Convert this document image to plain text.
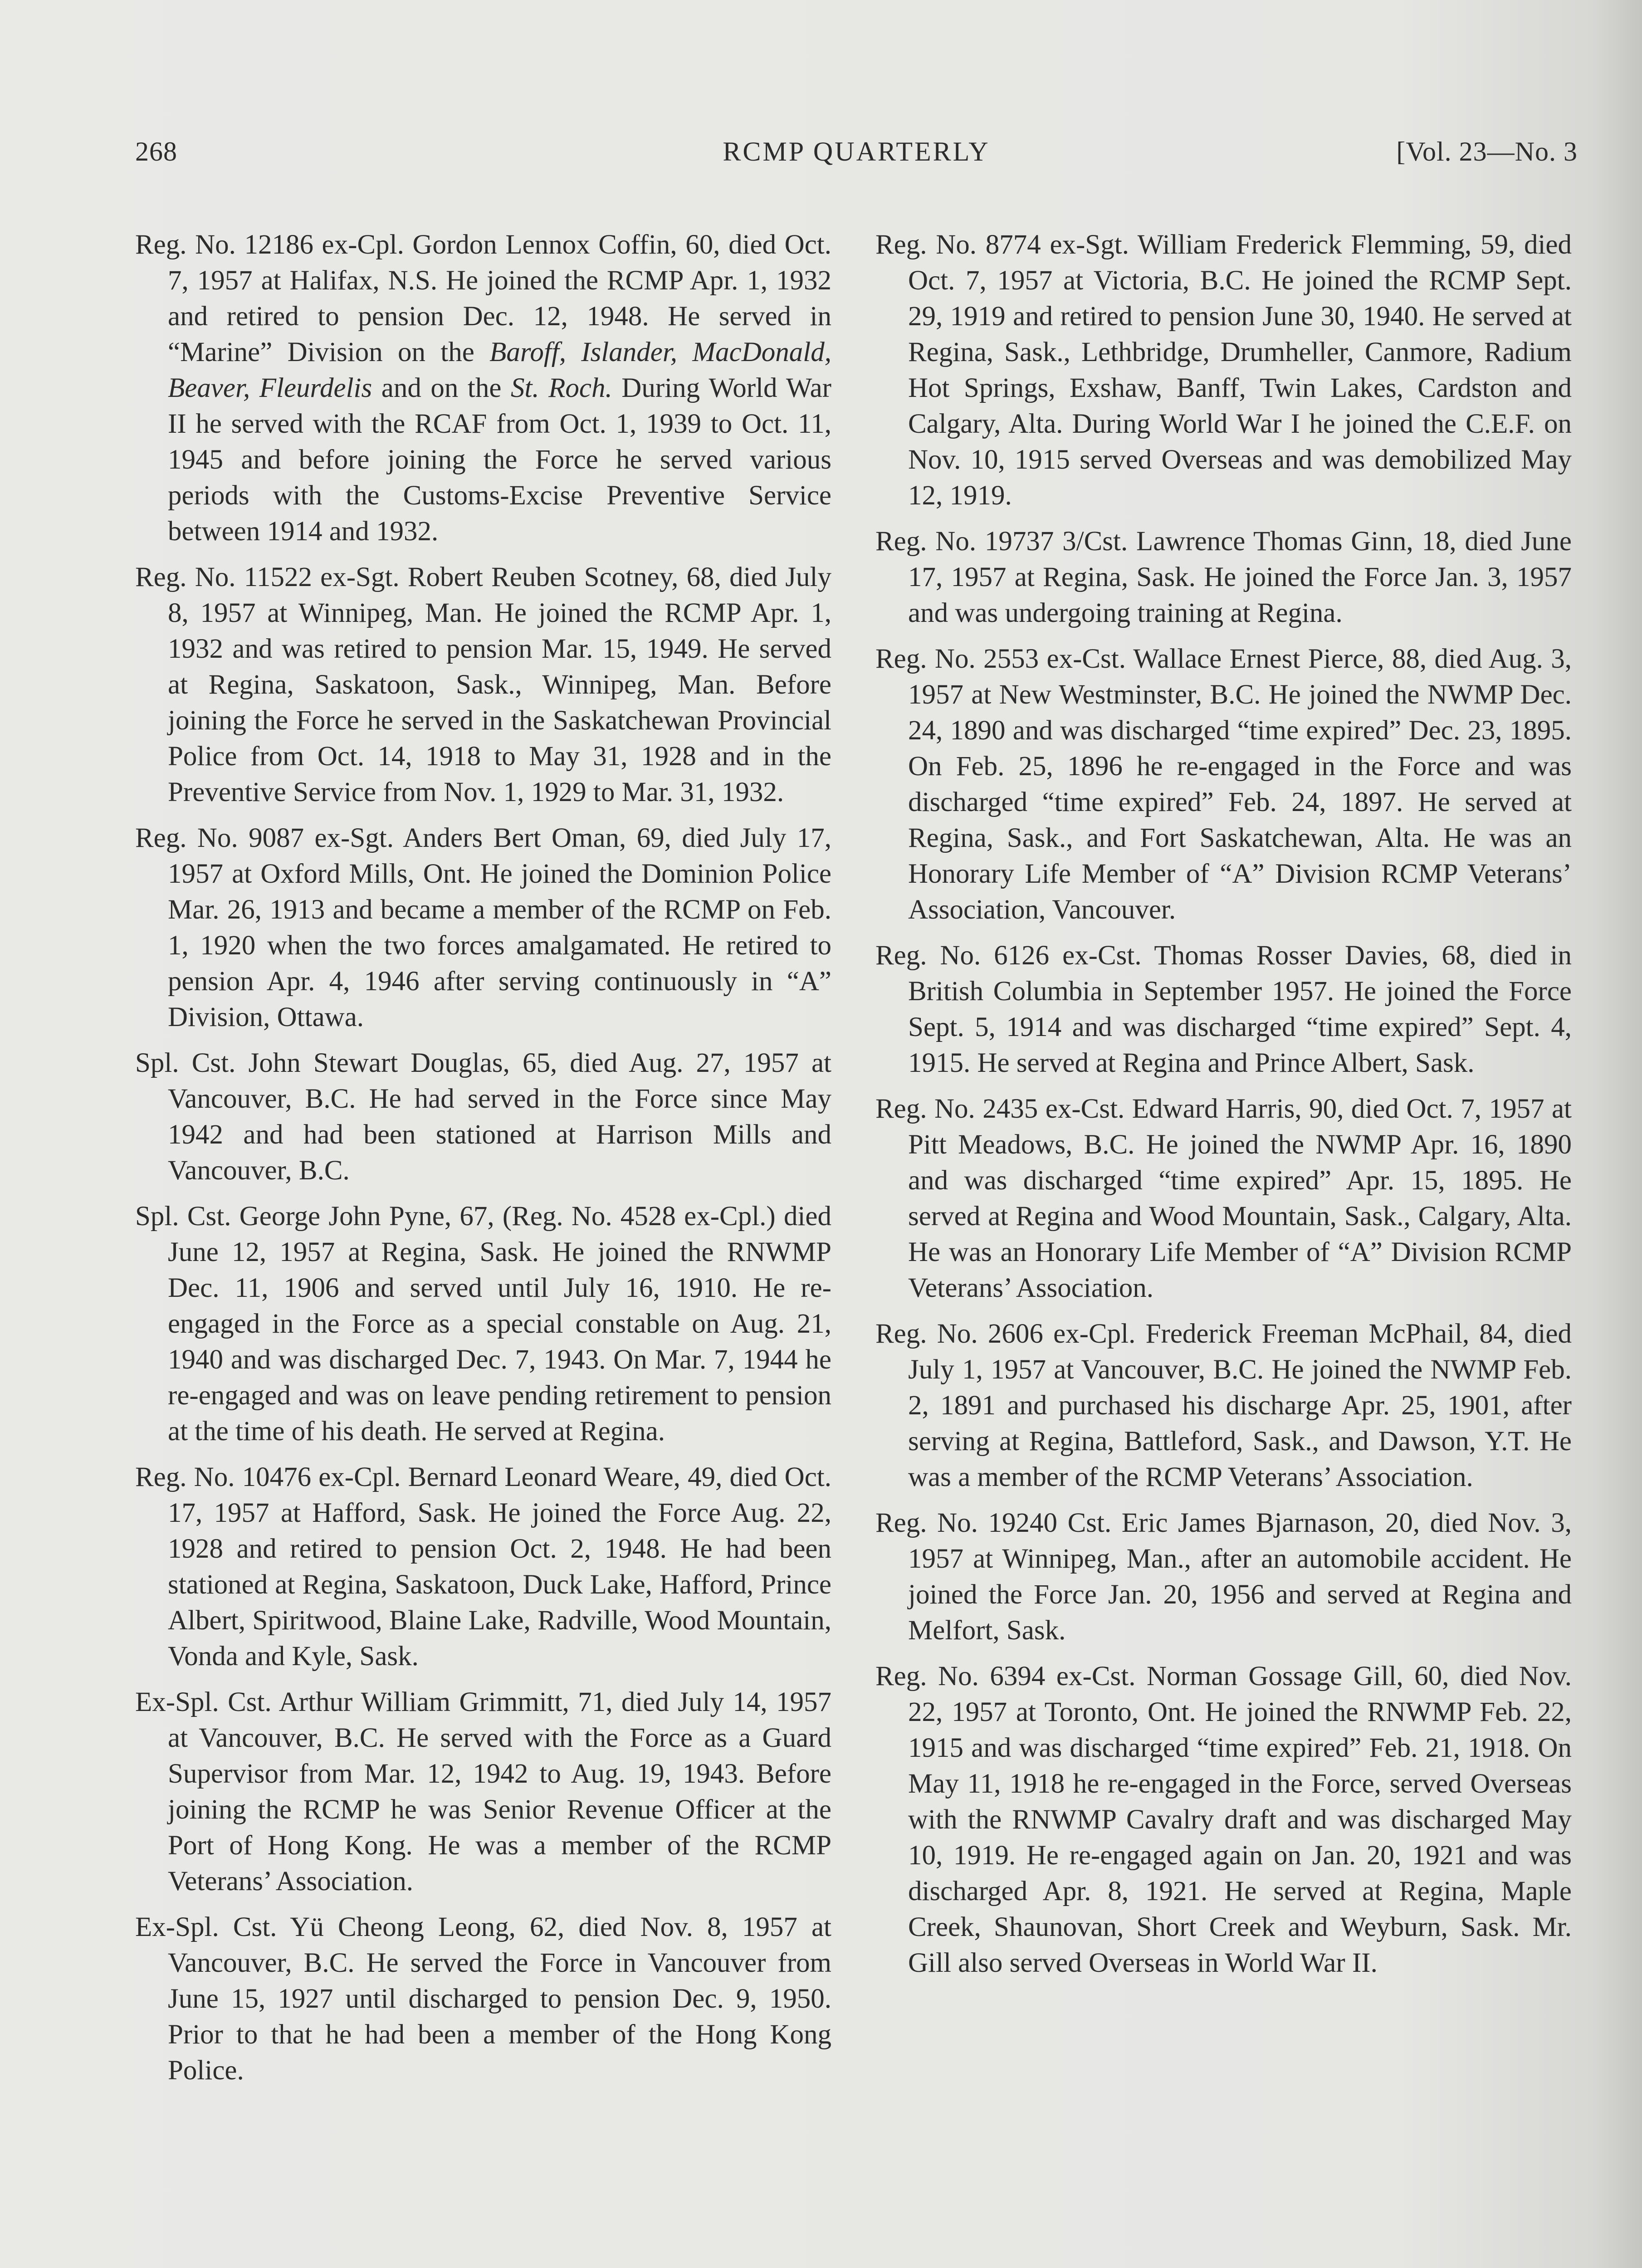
268	RCMP QUARTERLY	[Vol. 23—No. 3

Reg. No. 12186 ex-Cpl. Gordon Lennox Coffin, 60, died Oct. 7, 1957 at Halifax, N.S. He joined the RCMP Apr. 1, 1932 and retired to pension Dec. 12, 1948. He served in “Marine” Division on the Baroff, Islander, MacDonald, Beaver, Fleurdelis and on the St. Roch. During World War II he served with the RCAF from Oct. 1, 1939 to Oct. 11, 1945 and before joining the Force he served various periods with the Customs-Excise Preventive Service between 1914 and 1932.

Reg. No. 11522 ex-Sgt. Robert Reuben Scotney, 68, died July 8, 1957 at Winnipeg, Man. He joined the RCMP Apr. 1, 1932 and was retired to pension Mar. 15, 1949. He served at Regina, Saskatoon, Sask., Winnipeg, Man. Before joining the Force he served in the Saskatchewan Provincial Police from Oct. 14, 1918 to May 31, 1928 and in the Preventive Service from Nov. 1, 1929 to Mar. 31, 1932.

Reg. No. 9087 ex-Sgt. Anders Bert Oman, 69, died July 17, 1957 at Oxford Mills, Ont. He joined the Dominion Police Mar. 26, 1913 and became a member of the RCMP on Feb. 1, 1920 when the two forces amalgamated. He retired to pension Apr. 4, 1946 after serving continuously in “A” Division, Ottawa.

Spl. Cst. John Stewart Douglas, 65, died Aug. 27, 1957 at Vancouver, B.C. He had served in the Force since May 1942 and had been stationed at Harrison Mills and Vancouver, B.C.

Spl. Cst. George John Pyne, 67, (Reg. No. 4528 ex-Cpl.) died June 12, 1957 at Regina, Sask. He joined the RNWMP Dec. 11, 1906 and served until July 16, 1910. He re-engaged in the Force as a special constable on Aug. 21, 1940 and was discharged Dec. 7, 1943. On Mar. 7, 1944 he re-engaged and was on leave pending retirement to pension at the time of his death. He served at Regina.

Reg. No. 10476 ex-Cpl. Bernard Leonard Weare, 49, died Oct. 17, 1957 at Hafford, Sask. He joined the Force Aug. 22, 1928 and retired to pension Oct. 2, 1948. He had been stationed at Regina, Saskatoon, Duck Lake, Hafford, Prince Albert, Spiritwood, Blaine Lake, Radville, Wood Mountain, Vonda and Kyle, Sask.

Ex-Spl. Cst. Arthur William Grimmitt, 71, died July 14, 1957 at Vancouver, B.C. He served with the Force as a Guard Supervisor from Mar. 12, 1942 to Aug. 19, 1943. Before joining the RCMP he was Senior Revenue Officer at the Port of Hong Kong. He was a member of the RCMP Veterans’ Association.

Ex-Spl. Cst. Yü Cheong Leong, 62, died Nov. 8, 1957 at Vancouver, B.C. He served the Force in Vancouver from June 15, 1927 until discharged to pension Dec. 9, 1950. Prior to that he had been a member of the Hong Kong Police.

Reg. No. 8774 ex-Sgt. William Frederick Flemming, 59, died Oct. 7, 1957 at Victoria, B.C. He joined the RCMP Sept. 29, 1919 and retired to pension June 30, 1940. He served at Regina, Sask., Lethbridge, Drumheller, Canmore, Radium Hot Springs, Exshaw, Banff, Twin Lakes, Cardston and Calgary, Alta. During World War I he joined the C.E.F. on Nov. 10, 1915 served Overseas and was demobilized May 12, 1919.

Reg. No. 19737 3/Cst. Lawrence Thomas Ginn, 18, died June 17, 1957 at Regina, Sask. He joined the Force Jan. 3, 1957 and was undergoing training at Regina.

Reg. No. 2553 ex-Cst. Wallace Ernest Pierce, 88, died Aug. 3, 1957 at New Westminster, B.C. He joined the NWMP Dec. 24, 1890 and was discharged “time expired” Dec. 23, 1895. On Feb. 25, 1896 he re-engaged in the Force and was discharged “time expired” Feb. 24, 1897. He served at Regina, Sask., and Fort Saskatchewan, Alta. He was an Honorary Life Member of “A” Division RCMP Veterans’ Association, Vancouver.

Reg. No. 6126 ex-Cst. Thomas Rosser Davies, 68, died in British Columbia in September 1957. He joined the Force Sept. 5, 1914 and was discharged “time expired” Sept. 4, 1915. He served at Regina and Prince Albert, Sask.

Reg. No. 2435 ex-Cst. Edward Harris, 90, died Oct. 7, 1957 at Pitt Meadows, B.C. He joined the NWMP Apr. 16, 1890 and was discharged “time expired” Apr. 15, 1895. He served at Regina and Wood Mountain, Sask., Calgary, Alta. He was an Honorary Life Member of “A” Division RCMP Veterans’ Association.

Reg. No. 2606 ex-Cpl. Frederick Freeman McPhail, 84, died July 1, 1957 at Vancouver, B.C. He joined the NWMP Feb. 2, 1891 and purchased his discharge Apr. 25, 1901, after serving at Regina, Battleford, Sask., and Dawson, Y.T. He was a member of the RCMP Veterans’ Association.

Reg. No. 19240 Cst. Eric James Bjarnason, 20, died Nov. 3, 1957 at Winnipeg, Man., after an automobile accident. He joined the Force Jan. 20, 1956 and served at Regina and Melfort, Sask.

Reg. No. 6394 ex-Cst. Norman Gossage Gill, 60, died Nov. 22, 1957 at Toronto, Ont. He joined the RNWMP Feb. 22, 1915 and was discharged “time expired” Feb. 21, 1918. On May 11, 1918 he re-engaged in the Force, served Overseas with the RNWMP Cavalry draft and was discharged May 10, 1919. He re-engaged again on Jan. 20, 1921 and was discharged Apr. 8, 1921. He served at Regina, Maple Creek, Shaunovan, Short Creek and Weyburn, Sask. Mr. Gill also served Overseas in World War II.
